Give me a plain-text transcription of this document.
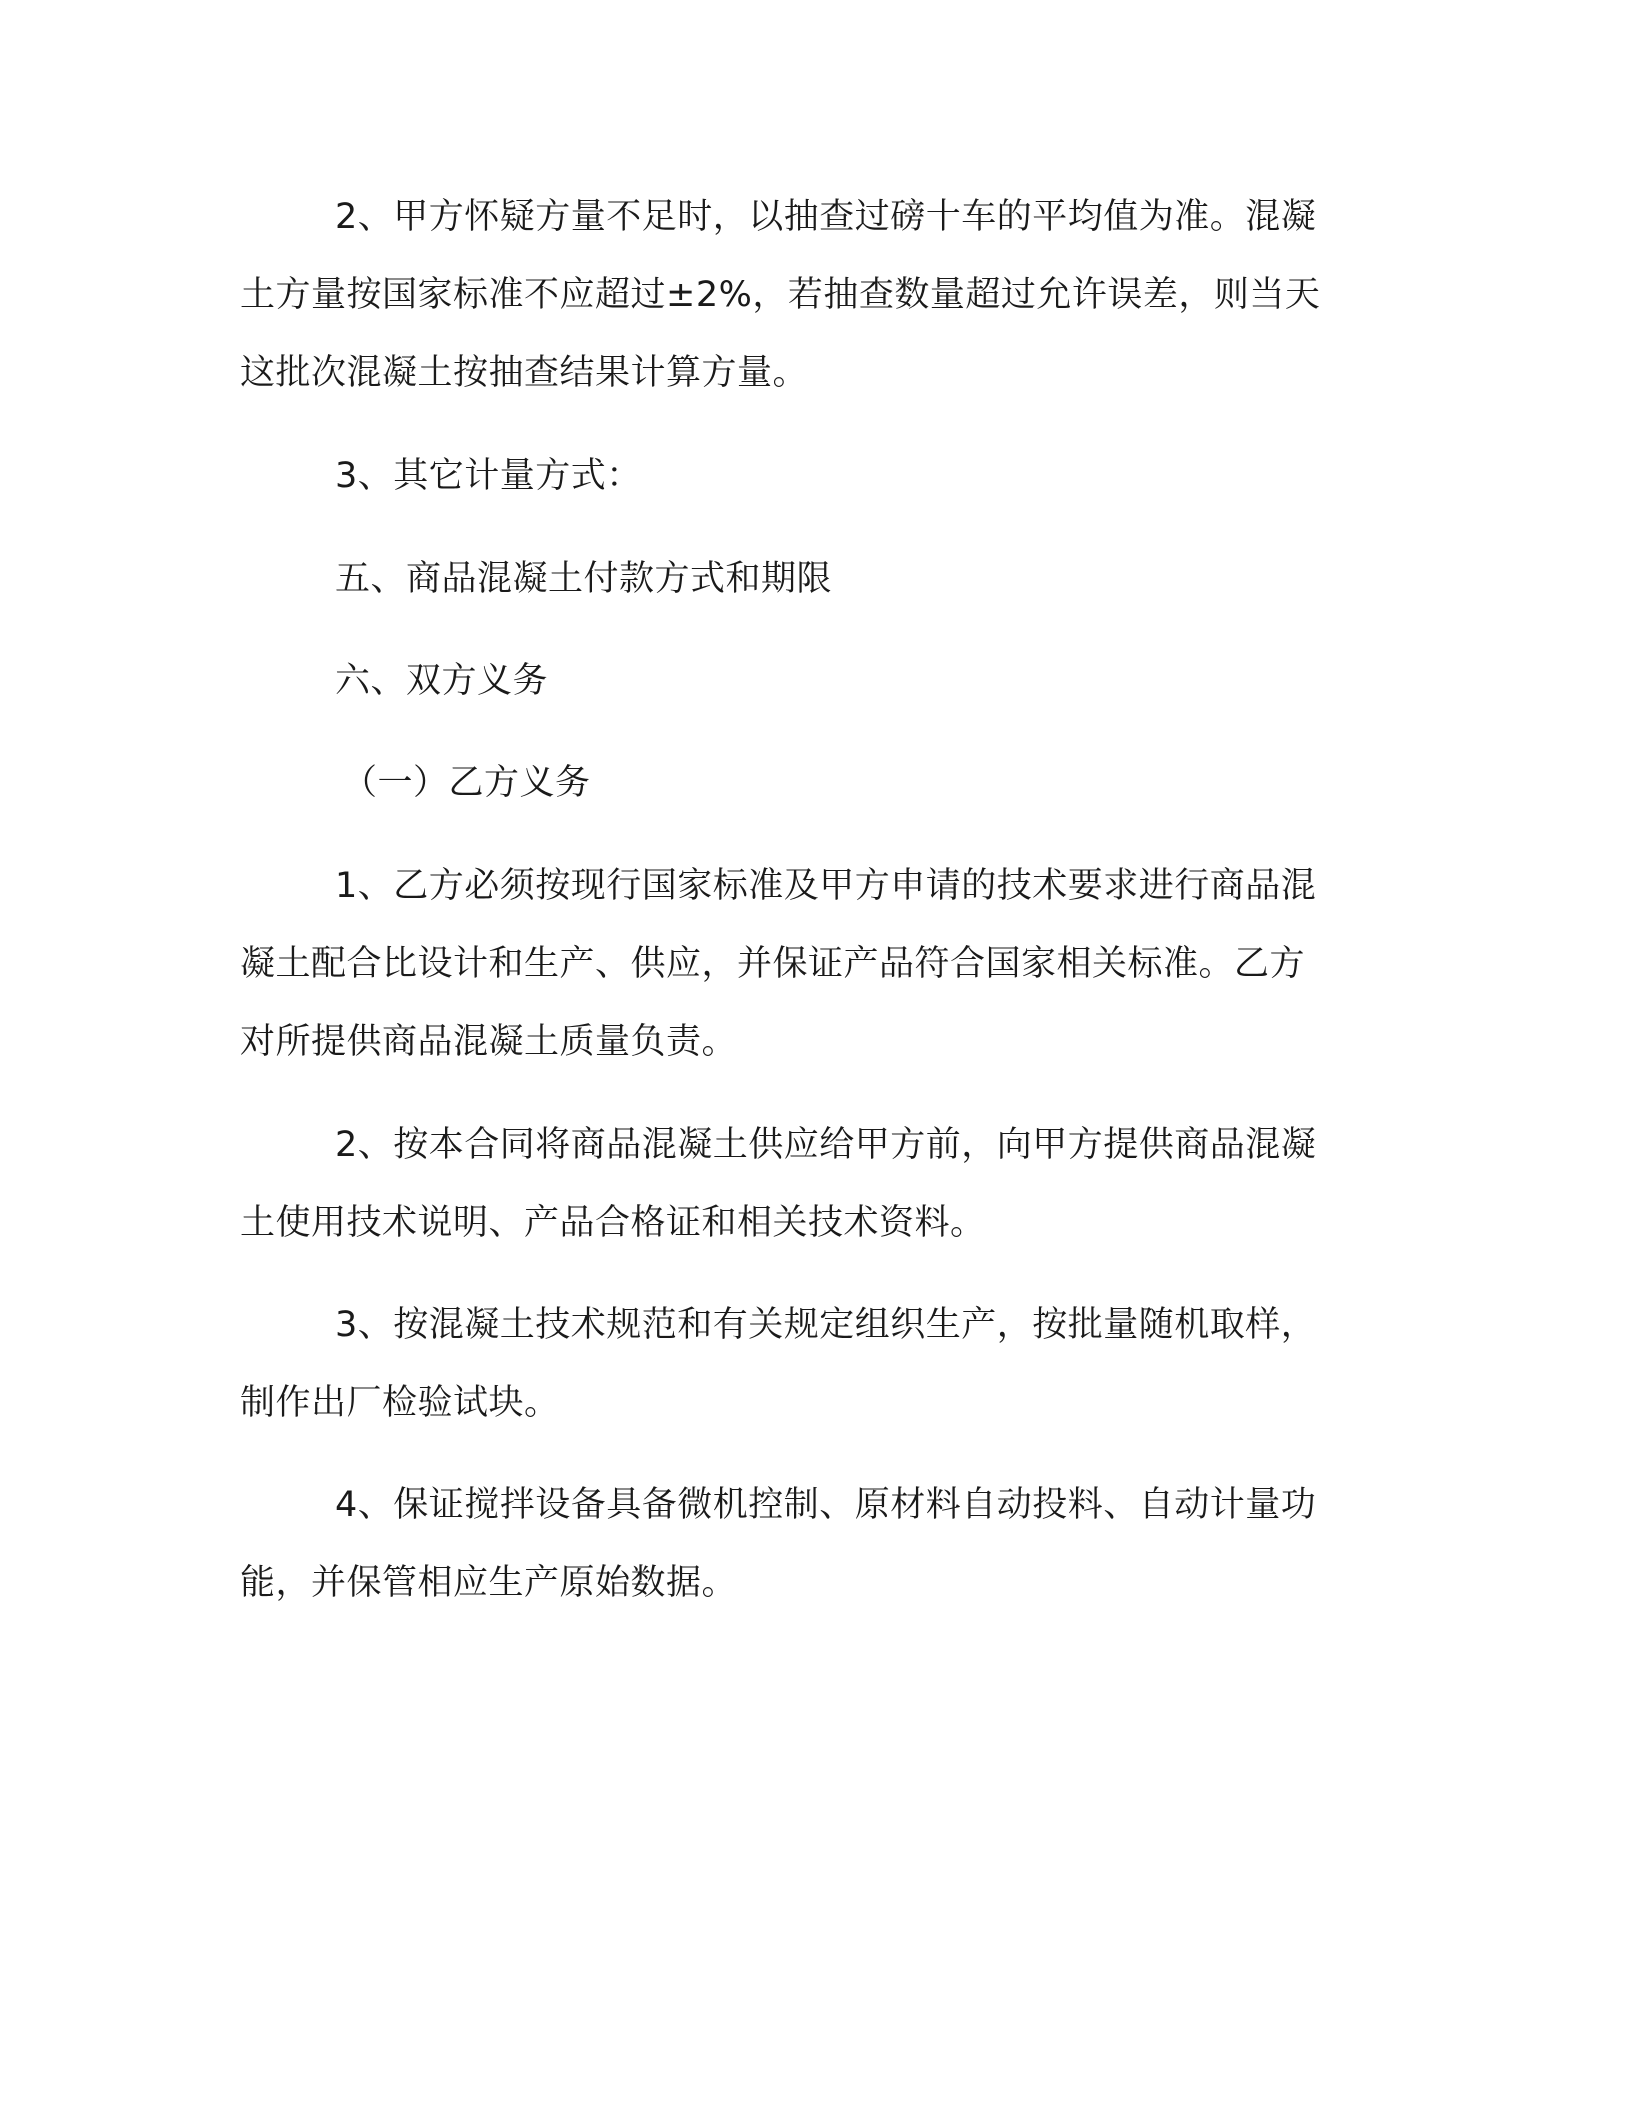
2、甲方怀疑方量不足时，以抽查过磅十车的平均值为准。混凝
土方量按国家标准不应超过±2%，若抽查数量超过允许误差，则当天
这批次混凝土按抽查结果计算方量。
3、其它计量方式：
五、商品混凝土付款方式和期限
六、双方义务
（一）乙方义务
1、乙方必须按现行国家标准及甲方申请的技术要求进行商品混
凝土配合比设计和生产、供应，并保证产品符合国家相关标准。乙方
对所提供商品混凝土质量负责。
2、按本合同将商品混凝土供应给甲方前，向甲方提供商品混凝
土使用技术说明、产品合格证和相关技术资料。
3、按混凝土技术规范和有关规定组织生产，按批量随机取样，
制作出厂检验试块。
4、保证搅拌设备具备微机控制、原材料自动投料、自动计量功
能，并保管相应生产原始数据。
